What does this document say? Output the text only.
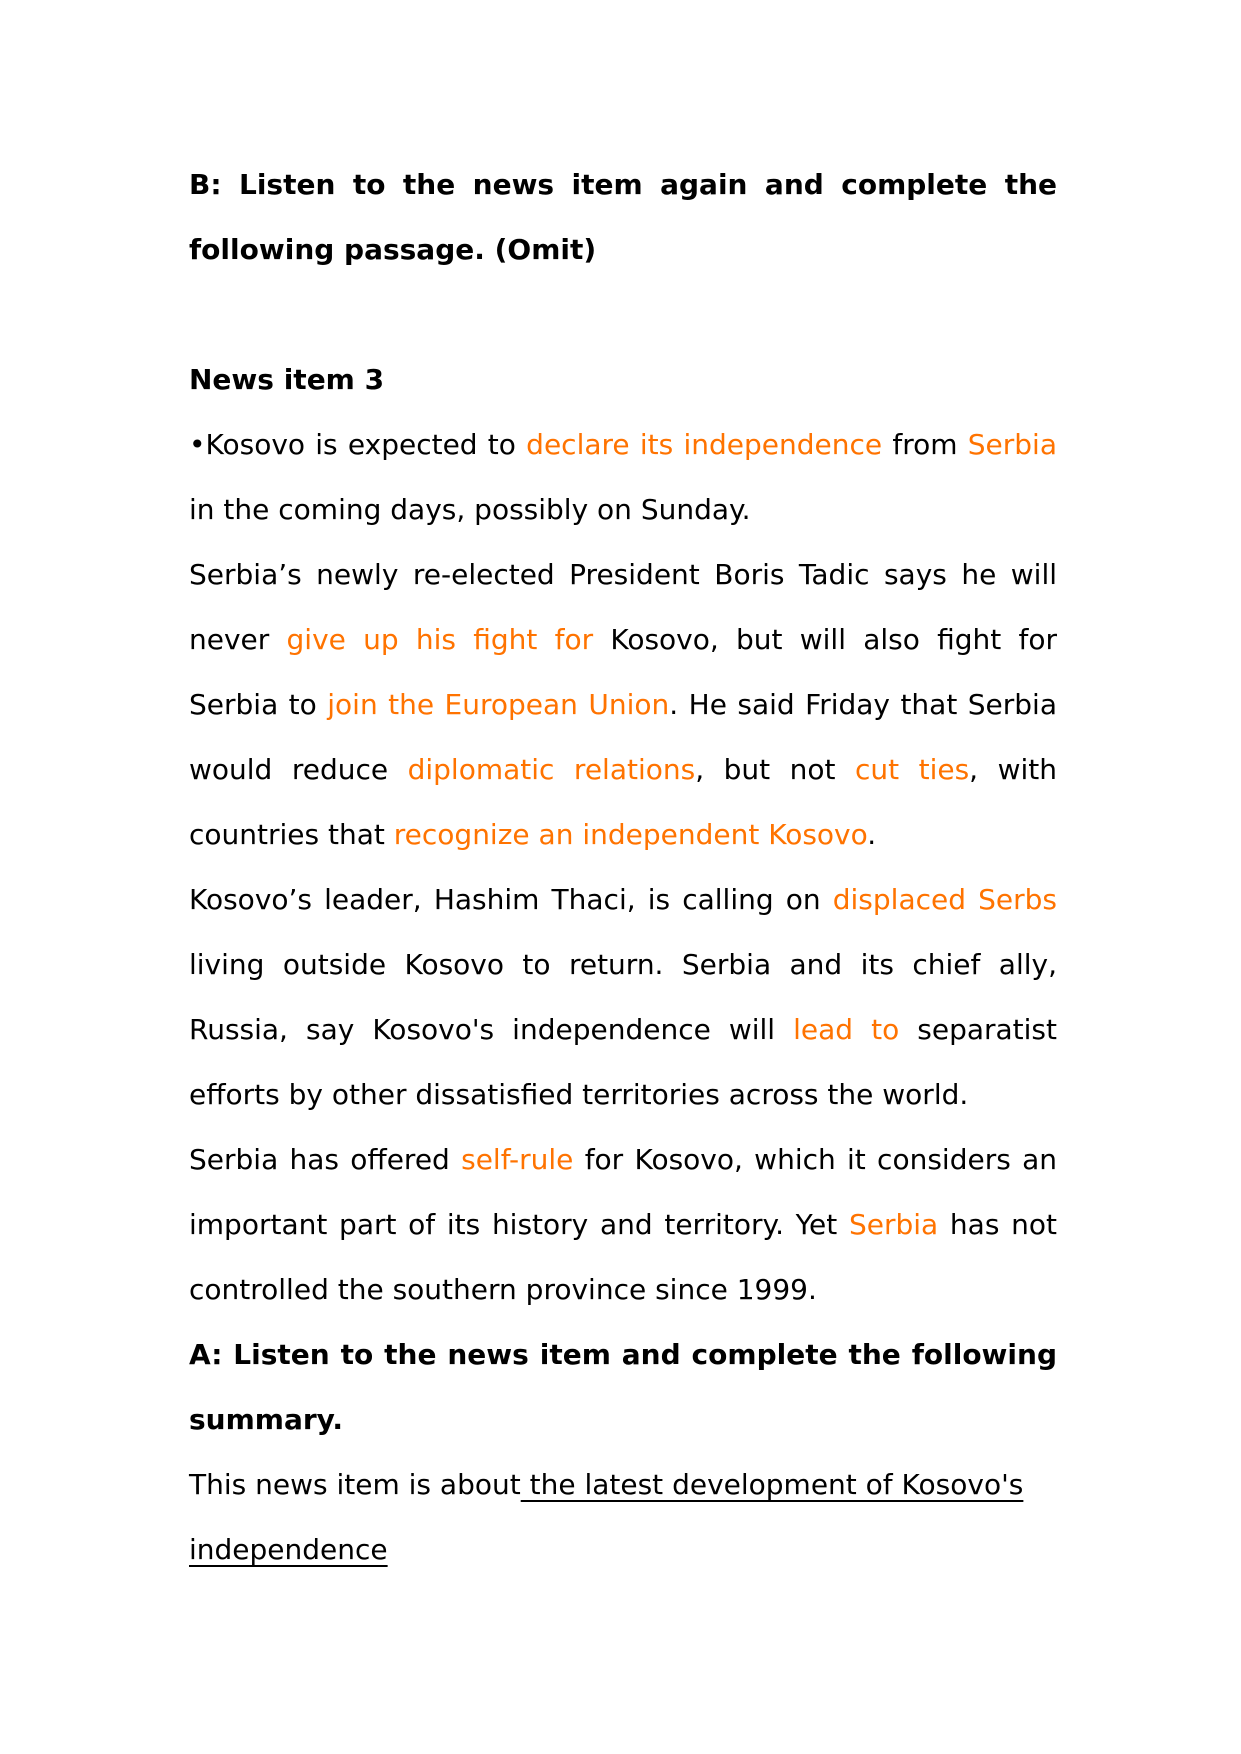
B: Listen to the news item again and complete the following passage. (Omit)

News item 3

•Kosovo is expected to declare its independence from Serbia in the coming days, possibly on Sunday.

Serbia’s newly re-elected President Boris Tadic says he will never give up his fight for Kosovo, but will also fight for Serbia to join the European Union. He said Friday that Serbia would reduce diplomatic relations, but not cut ties, with countries that recognize an independent Kosovo.

Kosovo’s leader, Hashim Thaci, is calling on displaced Serbs living outside Kosovo to return. Serbia and its chief ally, Russia, say Kosovo's independence will lead to separatist efforts by other dissatisfied territories across the world.

Serbia has offered self-rule for Kosovo, which it considers an important part of its history and territory. Yet Serbia has not controlled the southern province since 1999.

A: Listen to the news item and complete the following summary.

This news item is about the latest development of Kosovo's independence
